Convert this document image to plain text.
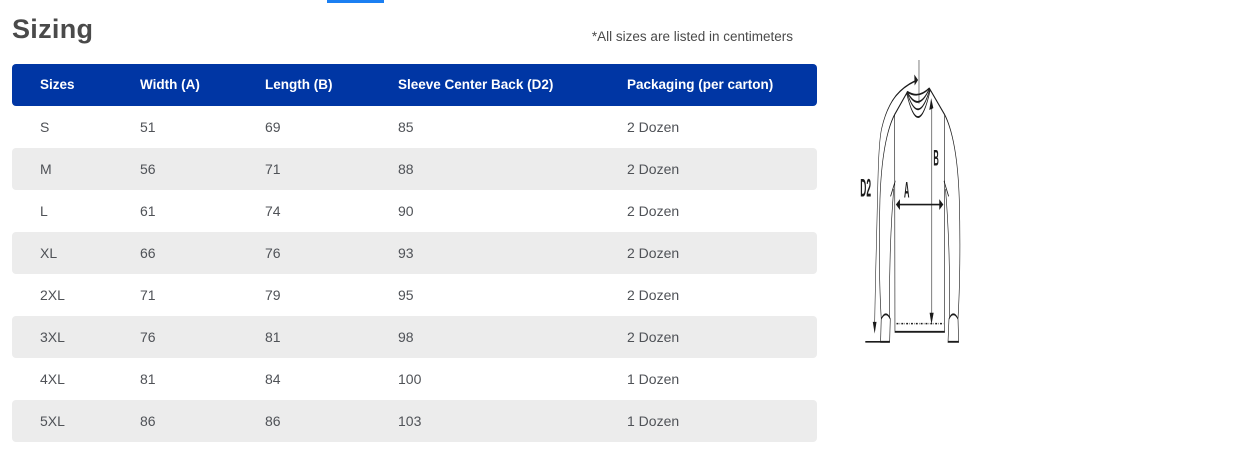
Sizing	*All sizes are listed in centimeters
Sizes	Width (A)	Length (B)	Sleeve Center Back (D2)	Packaging (per carton)
S	51	69	85	2 Dozen
M	56	71	88	2 Dozen
L	61	74	90	2 Dozen
XL	66	76	93	2 Dozen
2XL	71	79	95	2 Dozen
3XL	76	81	98	2 Dozen
4XL	81	84	100	1 Dozen
5XL	86	86	103	1 Dozen
D2 A
B
